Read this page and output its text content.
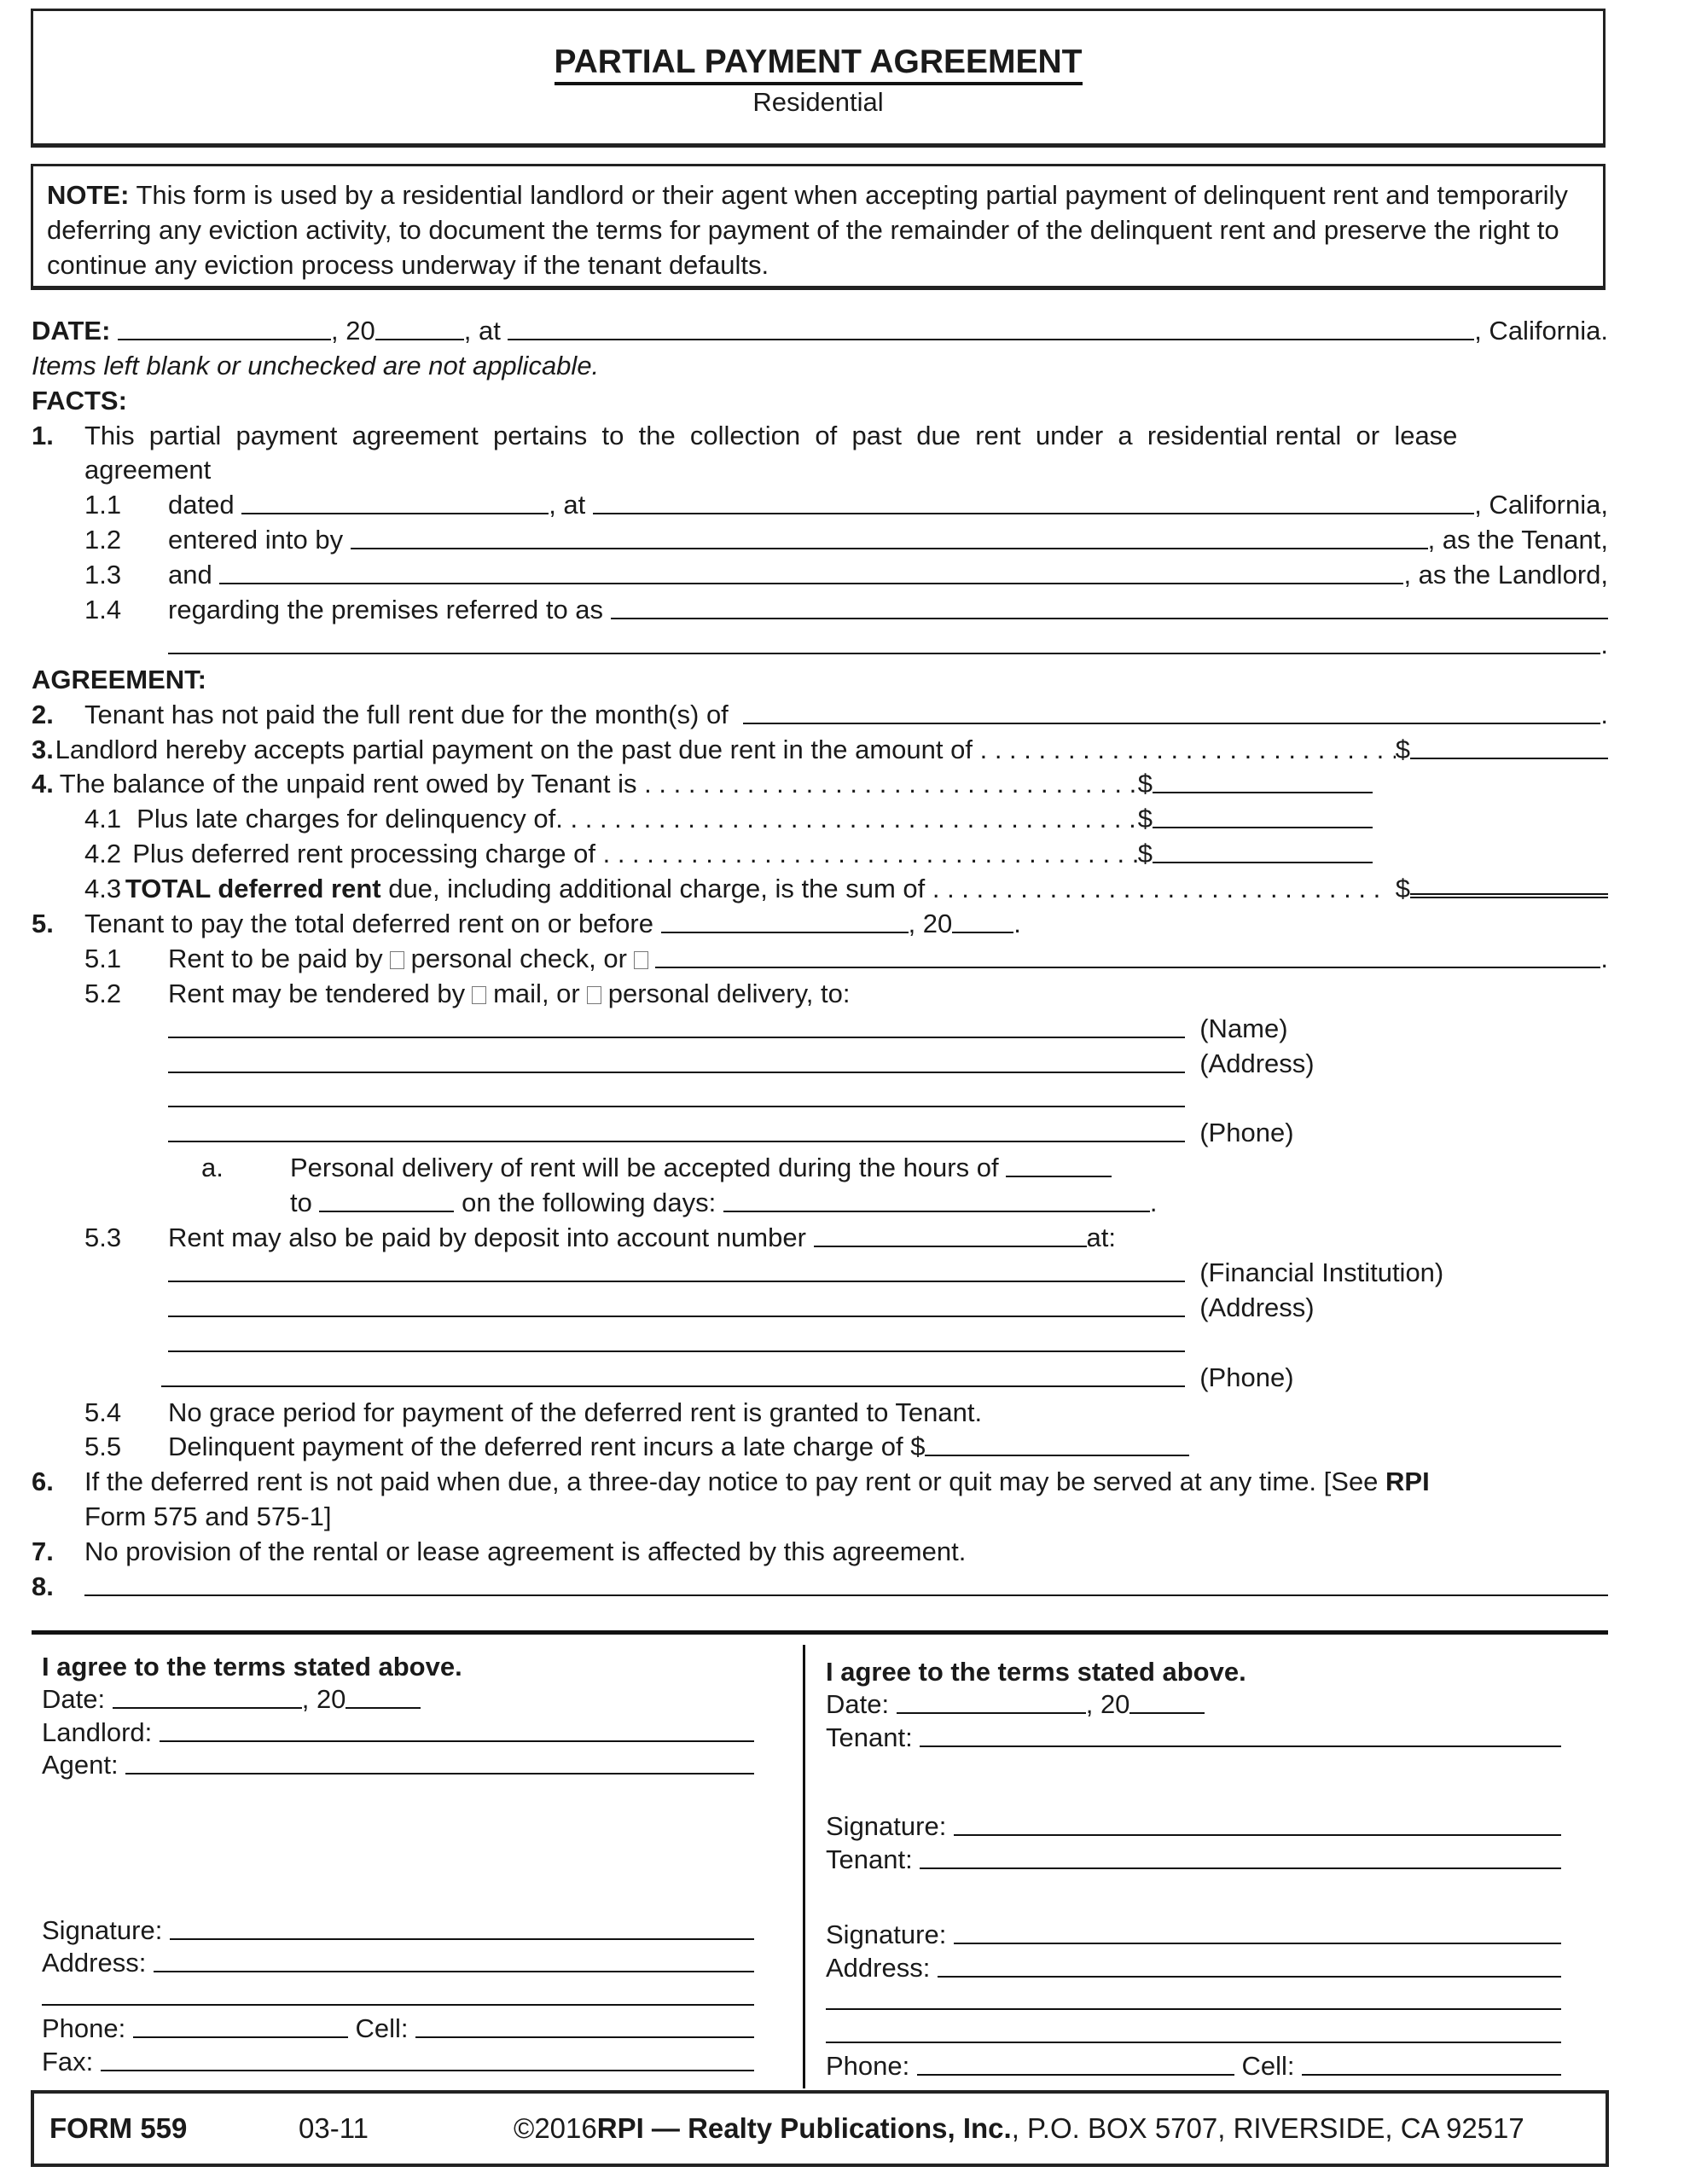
PARTIAL PAYMENT AGREEMENT
Residential
NOTE: This form is used by a residential landlord or their agent when accepting partial payment of delinquent rent and temporarily deferring any eviction activity, to document the terms for payment of the remainder of the delinquent rent and preserve the right to continue any eviction process underway if the tenant defaults.
DATE:
	, 20	, at
	, California.
Items left blank or unchecked are not applicable.
FACTS:
1.	This  partial  payment  agreement  pertains  to  the  collection  of  past  due  rent  under  a  residential rental  or  lease
agreement
1.1	dated	, at	, California,
1.2	entered into by	, as the Tenant,
1.3	and	, as the Landlord,
1.4	regarding the premises referred to as
.
AGREEMENT:
2.	Tenant has not paid the full rent due for the month(s) of
	.
3. Landlord hereby accepts partial payment on the past due rent in the amount of . . .	$
4. The balance of the unpaid rent owed by Tenant is . . .	$
4.1 Plus late charges for delinquency of . . .	$
4.2 Plus deferred rent processing charge of . . .	$
4.3 TOTAL deferred rent due, including additional charge, is the sum of . . .
	$
5.	Tenant to pay the total deferred rent on or before	, 20 .
5.1	Rent to be paid by personal check, or	.
5.2	Rent may be tendered by mail, or personal delivery, to:

(Name)

(Address)

(Phone)
a.	Personal delivery of rent will be accepted during the hours of
to	on the following days:	.
5.3	Rent may also be paid by deposit into account number	at:

(Financial Institution)

(Address)

(Phone)
5.4	No grace period for payment of the deferred rent is granted to Tenant.
5.5	Delinquent payment of the deferred rent incurs a late charge of $
6.	If the deferred rent is not paid when due, a three-day notice to pay rent or quit may be served at any time. [See RPI
Form 575 and 575-1]
7.	No provision of the rental or lease agreement is affected by this agreement.
8.
I agree to the terms stated above.
Date:	, 20
Landlord:
Agent:
Signature:
Address:
Phone:	Cell:
Fax:
I agree to the terms stated above.
Date:	, 20
Tenant:
Signature:
Tenant:
Signature:
Address:
Phone:	Cell:
FORM 559	03-11	©2016 RPI — Realty Publications, Inc. , P.O. BOX 5707, RIVERSIDE, CA 92517
